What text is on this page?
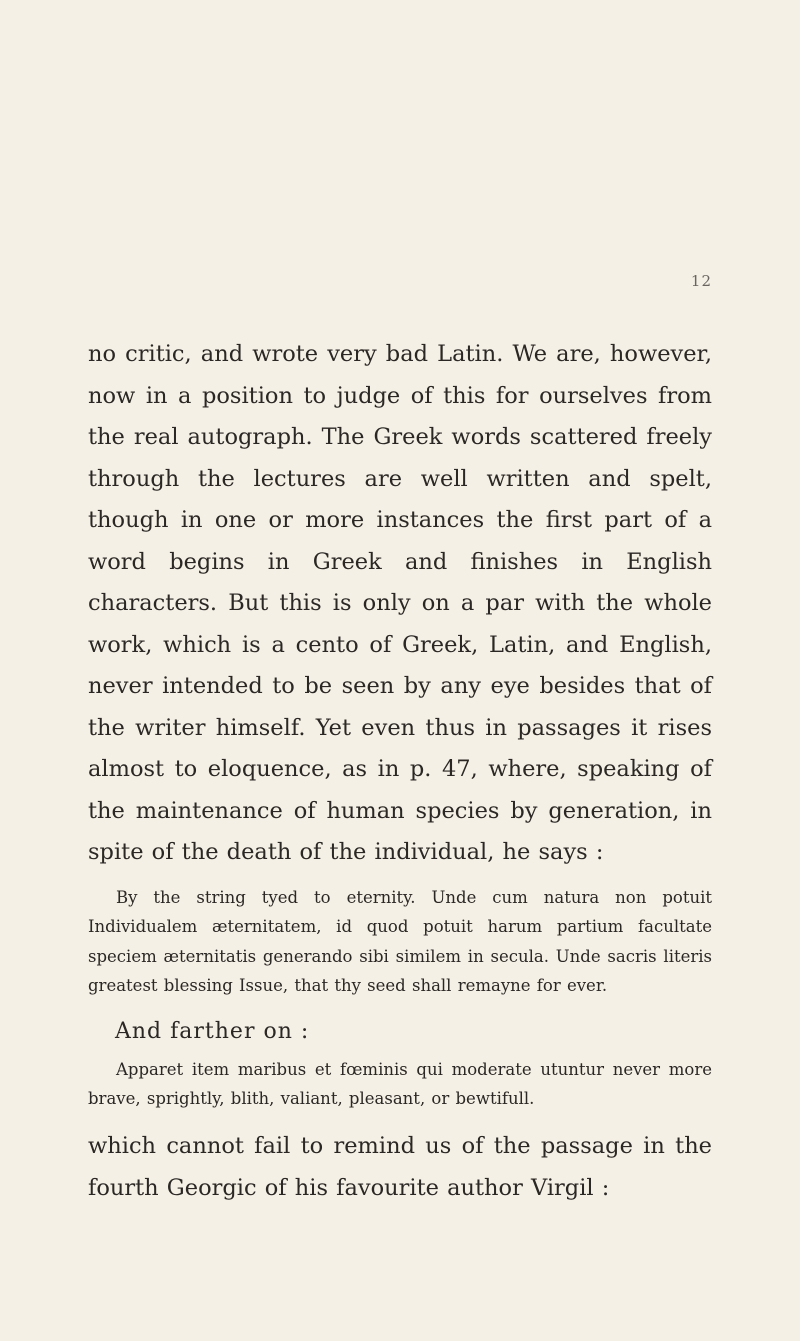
12

no critic, and wrote very bad Latin. We are, however, now in a position to judge of this for ourselves from the real autograph. The Greek words scattered freely through the lectures are well written and spelt, though in one or more instances the first part of a word begins in Greek and finishes in English characters. But this is only on a par with the whole work, which is a cento of Greek, Latin, and English, never intended to be seen by any eye besides that of the writer himself. Yet even thus in passages it rises almost to eloquence, as in p. 47, where, speaking of the maintenance of human species by generation, in spite of the death of the individual, he says :

By the string tyed to eternity. Unde cum natura non potuit Individualem æternitatem, id quod potuit harum partium facultate speciem æternitatis generando sibi similem in secula. Unde sacris literis greatest blessing Issue, that thy seed shall remayne for ever.

And farther on :

Apparet item maribus et fœminis qui moderate utuntur never more brave, sprightly, blith, valiant, pleasant, or bewtifull.

which cannot fail to remind us of the passage in the fourth Georgic of his favourite author Virgil :
